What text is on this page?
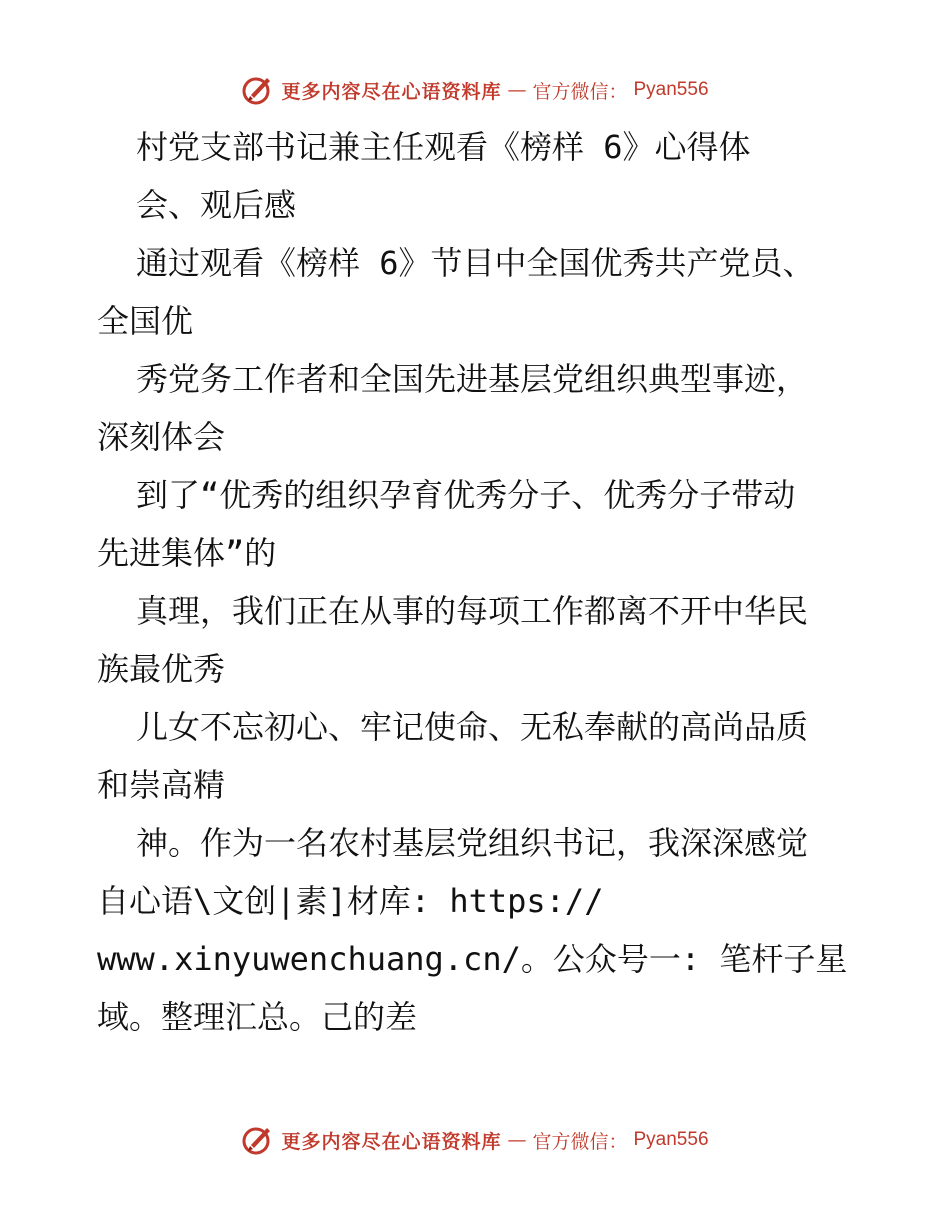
更多内容尽在心语资料库 — 官方微信： Pyan556
村党支部书记兼主任观看《榜样 6》心得体
会、观后感
通过观看《榜样 6》节目中全国优秀共产党员、
全国优
秀党务工作者和全国先进基层党组织典型事迹，
深刻体会
到了“优秀的组织孕育优秀分子、优秀分子带动
先进集体”的
真理，我们正在从事的每项工作都离不开中华民
族最优秀
儿女不忘初心、牢记使命、无私奉献的高尚品质
和崇高精
神。作为一名农村基层党组织书记，我深深感觉
自心语\文创|素]材库: https://
www.xinyuwenchuang.cn/。公众号一: 笔杆子星
域。整理汇总。己的差
更多内容尽在心语资料库 — 官方微信： Pyan556
